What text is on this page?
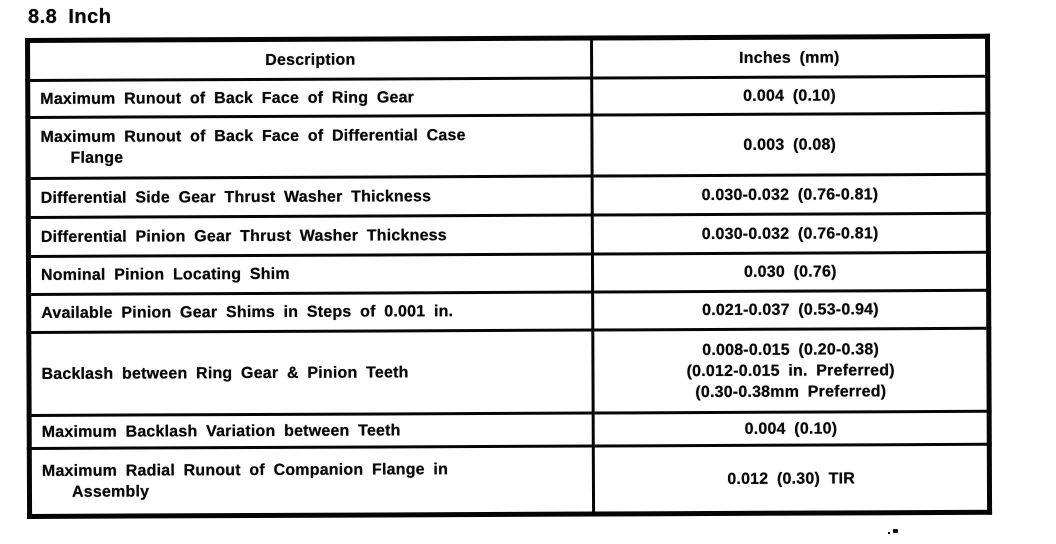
8.8 Inch
Description	Inches (mm)

Maximum Runout of Back Face of Ring Gear	0.004 (0.10)

Maximum Runout of Back Face of Differential Case
Flange	0.003 (0.08)

Differential Side Gear Thrust Washer Thickness	0.030-0.032 (0.76-0.81)

Differential Pinion Gear Thrust Washer Thickness	0.030-0.032 (0.76-0.81)

Nominal Pinion Locating Shim	0.030 (0.76)

Available Pinion Gear Shims in Steps of 0.001 in.	0.021-0.037 (0.53-0.94)

Backlash between Ring Gear & Pinion Teeth	0.008-0.015 (0.20-0.38)
(0.012-0.015 in. Preferred)
(0.30-0.38mm Preferred)

Maximum Backlash Variation between Teeth	0.004 (0.10)

Maximum Radial Runout of Companion Flange in
Assembly	0.012 (0.30) TIR
